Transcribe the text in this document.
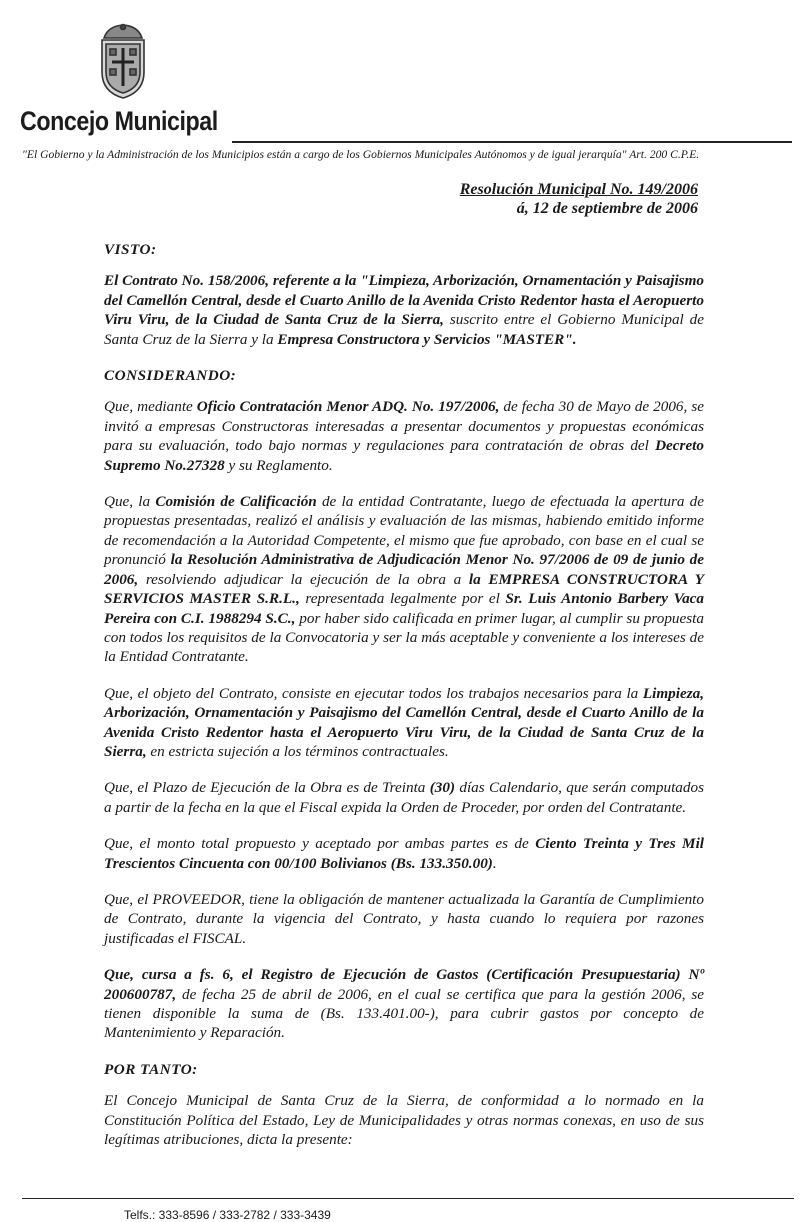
Concejo Municipal
"El Gobierno y la Administración de los Municipios están a cargo de los Gobiernos Municipales Autónomos y de igual jerarquía" Art. 200 C.P.E.
Resolución Municipal No. 149/2006
á, 12 de septiembre de 2006
VISTO:

El Contrato No. 158/2006, referente a la "Limpieza, Arborización, Ornamentación y Paisajismo del Camellón Central, desde el Cuarto Anillo de la Avenida Cristo Redentor hasta el Aeropuerto Viru Viru, de la Ciudad de Santa Cruz de la Sierra, suscrito entre el Gobierno Municipal de Santa Cruz de la Sierra y la Empresa Constructora y Servicios "MASTER".

CONSIDERANDO:

Que, mediante Oficio Contratación Menor ADQ. No. 197/2006, de fecha 30 de Mayo de 2006, se invitó a empresas Constructoras interesadas a presentar documentos y propuestas económicas para su evaluación, todo bajo normas y regulaciones para contratación de obras del Decreto Supremo No.27328 y su Reglamento.

Que, la Comisión de Calificación de la entidad Contratante, luego de efectuada la apertura de propuestas presentadas, realizó el análisis y evaluación de las mismas, habiendo emitido informe de recomendación a la Autoridad Competente, el mismo que fue aprobado, con base en el cual se pronunció la Resolución Administrativa de Adjudicación Menor No. 97/2006 de 09 de junio de 2006, resolviendo adjudicar la ejecución de la obra a la EMPRESA CONSTRUCTORA Y SERVICIOS MASTER S.R.L., representada legalmente por el Sr. Luis Antonio Barbery Vaca Pereira con C.I. 1988294 S.C., por haber sido calificada en primer lugar, al cumplir su propuesta con todos los requisitos de la Convocatoria y ser la más aceptable y conveniente a los intereses de la Entidad Contratante.

Que, el objeto del Contrato, consiste en ejecutar todos los trabajos necesarios para la Limpieza, Arborización, Ornamentación y Paisajismo del Camellón Central, desde el Cuarto Anillo de la Avenida Cristo Redentor hasta el Aeropuerto Viru Viru, de la Ciudad de Santa Cruz de la Sierra, en estricta sujeción a los términos contractuales.

Que, el Plazo de Ejecución de la Obra es de Treinta (30) días Calendario, que serán computados a partir de la fecha en la que el Fiscal expida la Orden de Proceder, por orden del Contratante.

Que, el monto total propuesto y aceptado por ambas partes es de Ciento Treinta y Tres Mil Trescientos Cincuenta con 00/100 Bolivianos (Bs. 133.350.00).

Que, el PROVEEDOR, tiene la obligación de mantener actualizada la Garantía de Cumplimiento de Contrato, durante la vigencia del Contrato, y hasta cuando lo requiera por razones justificadas el FISCAL.

Que, cursa a fs. 6, el Registro de Ejecución de Gastos (Certificación Presupuestaria) Nº 200600787, de fecha 25 de abril de 2006, en el cual se certifica que para la gestión 2006, se tienen disponible la suma de (Bs. 133.401.00-), para cubrir gastos por concepto de Mantenimiento y Reparación.

POR TANTO:

El Concejo Municipal de Santa Cruz de la Sierra, de conformidad a lo normado en la Constitución Política del Estado, Ley de Municipalidades y otras normas conexas, en uso de sus legítimas atribuciones, dicta la presente:

Telfs.: 333-8596 / 333-2782 / 333-3439
